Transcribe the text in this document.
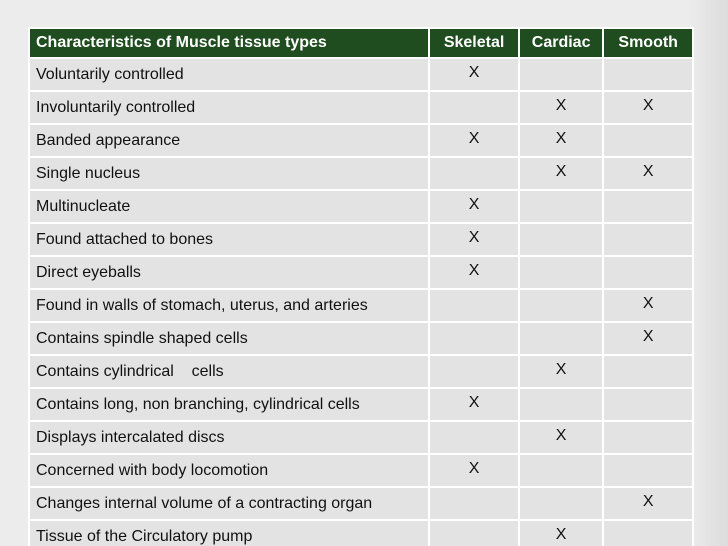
Characteristics of Muscle tissue types	Skeletal	Cardiac	Smooth
Voluntarily controlled	X		
Involuntarily controlled		X	X
Banded appearance	X	X	
Single nucleus		X	X
Multinucleate	X		
Found attached to bones	X		
Direct eyeballs	X		
Found in walls of stomach, uterus, and arteries			X
Contains spindle shaped cells			X
Contains cylindrical    cells		X	
Contains long, non branching, cylindrical cells	X		
Displays intercalated discs		X	
Concerned with body locomotion	X		
Changes internal volume of a contracting organ			X
Tissue of the Circulatory pump		X	
